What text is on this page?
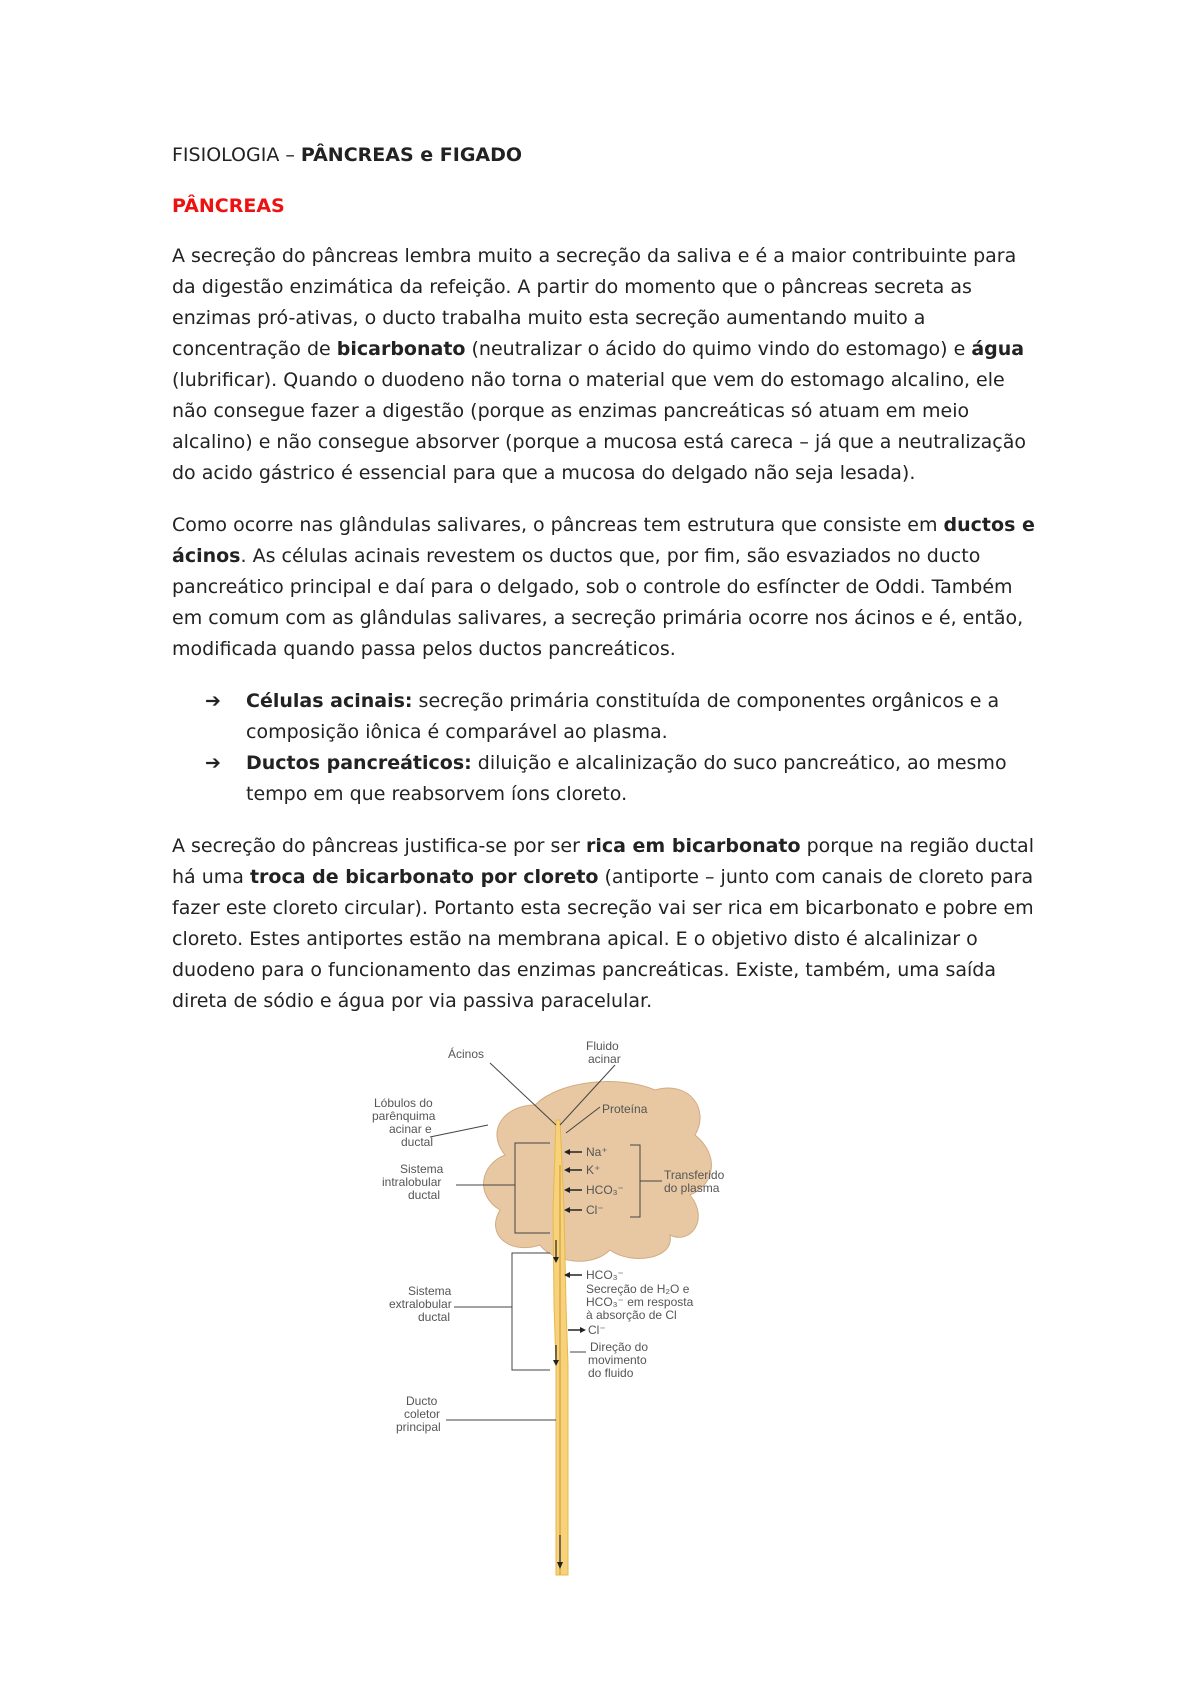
FISIOLOGIA – PÂNCREAS e FIGADO
PÂNCREAS

A secreção do pâncreas lembra muito a secreção da saliva e é a maior contribuinte para da digestão enzimática da refeição. A partir do momento que o pâncreas secreta as enzimas pró-ativas, o ducto trabalha muito esta secreção aumentando muito a concentração de bicarbonato (neutralizar o ácido do quimo vindo do estomago) e água (lubrificar). Quando o duodeno não torna o material que vem do estomago alcalino, ele não consegue fazer a digestão (porque as enzimas pancreáticas só atuam em meio alcalino) e não consegue absorver (porque a mucosa está careca – já que a neutralização do acido gástrico é essencial para que a mucosa do delgado não seja lesada).

Como ocorre nas glândulas salivares, o pâncreas tem estrutura que consiste em ductos e ácinos. As células acinais revestem os ductos que, por fim, são esvaziados no ducto pancreático principal e daí para o delgado, sob o controle do esfíncter de Oddi. Também em comum com as glândulas salivares, a secreção primária ocorre nos ácinos e é, então, modificada quando passa pelos ductos pancreáticos.

➔ Células acinais: secreção primária constituída de componentes orgânicos e a composição iônica é comparável ao plasma.
➔ Ductos pancreáticos: diluição e alcalinização do suco pancreático, ao mesmo tempo em que reabsorvem íons cloreto.

A secreção do pâncreas justifica-se por ser rica em bicarbonato porque na região ductal há uma troca de bicarbonato por cloreto (antiporte – junto com canais de cloreto para fazer este cloreto circular). Portanto esta secreção vai ser rica em bicarbonato e pobre em cloreto. Estes antiportes estão na membrana apical. E o objetivo disto é alcalinizar o duodeno para o funcionamento das enzimas pancreáticas. Existe, também, uma saída direta de sódio e água por via passiva paracelular.

Ácinos
Fluido
acinar
Proteína
Lóbulos do
parênquima
acinar e
ductal
Sistema
intralobular
ductal
Na⁺
K⁺
HCO₃⁻
Cl⁻
Transferido
do plasma
Sistema
extralobular
ductal
HCO₃⁻
Secreção de H₂O e
HCO₃⁻ em resposta
à absorção de Cl
Cl⁻
Direção do
movimento
do fluido
Ducto
coletor
principal
